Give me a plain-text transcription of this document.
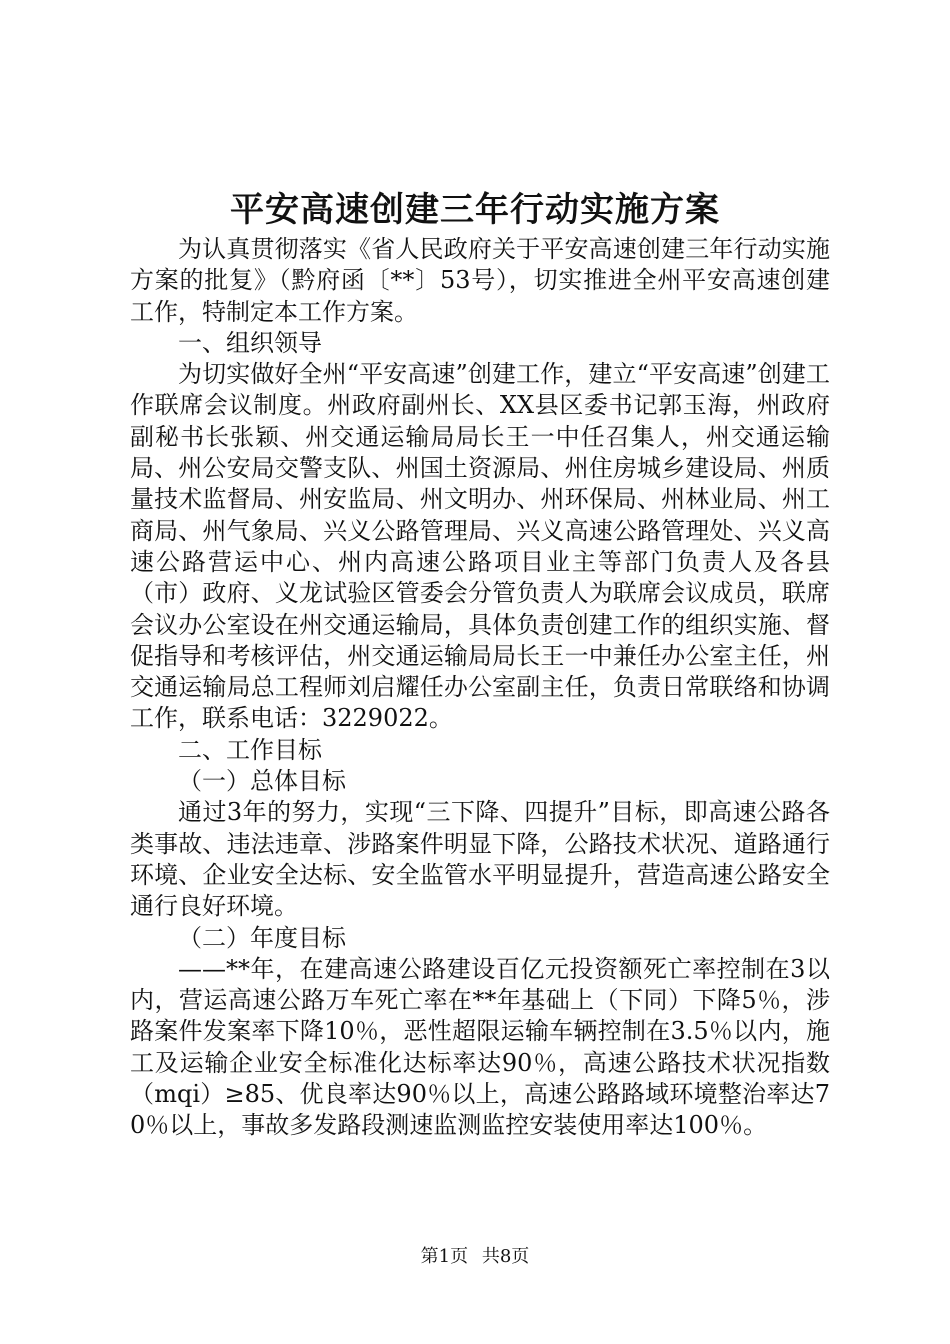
平安高速创建三年行动实施方案

为认真贯彻落实《省人民政府关于平安高速创建三年行动实施方案的批复》（黔府函〔**〕53号），切实推进全州平安高速创建工作，特制定本工作方案。

一、组织领导

为切实做好全州“平安高速”创建工作，建立“平安高速”创建工作联席会议制度。州政府副州长、XX县区委书记郭玉海，州政府副秘书长张颖、州交通运输局局长王一中任召集人，州交通运输局、州公安局交警支队、州国土资源局、州住房城乡建设局、州质量技术监督局、州安监局、州文明办、州环保局、州林业局、州工商局、州气象局、兴义公路管理局、兴义高速公路管理处、兴义高速公路营运中心、州内高速公路项目业主等部门负责人及各县（市）政府、义龙试验区管委会分管负责人为联席会议成员，联席会议办公室设在州交通运输局，具体负责创建工作的组织实施、督促指导和考核评估，州交通运输局局长王一中兼任办公室主任，州交通运输局总工程师刘启耀任办公室副主任，负责日常联络和协调工作，联系电话：3229022。

二、工作目标

（一）总体目标

通过3年的努力，实现“三下降、四提升”目标，即高速公路各类事故、违法违章、涉路案件明显下降，公路技术状况、道路通行环境、企业安全达标、安全监管水平明显提升，营造高速公路安全通行良好环境。

（二）年度目标

——**年，在建高速公路建设百亿元投资额死亡率控制在3以内，营运高速公路万车死亡率在**年基础上（下同）下降5％，涉路案件发案率下降10％，恶性超限运输车辆控制在3.5％以内，施工及运输企业安全标准化达标率达90％，高速公路技术状况指数（mqi）≥85、优良率达90％以上，高速公路路域环境整治率达70％以上，事故多发路段测速监测监控安装使用率达100％。

第1页 共8页
